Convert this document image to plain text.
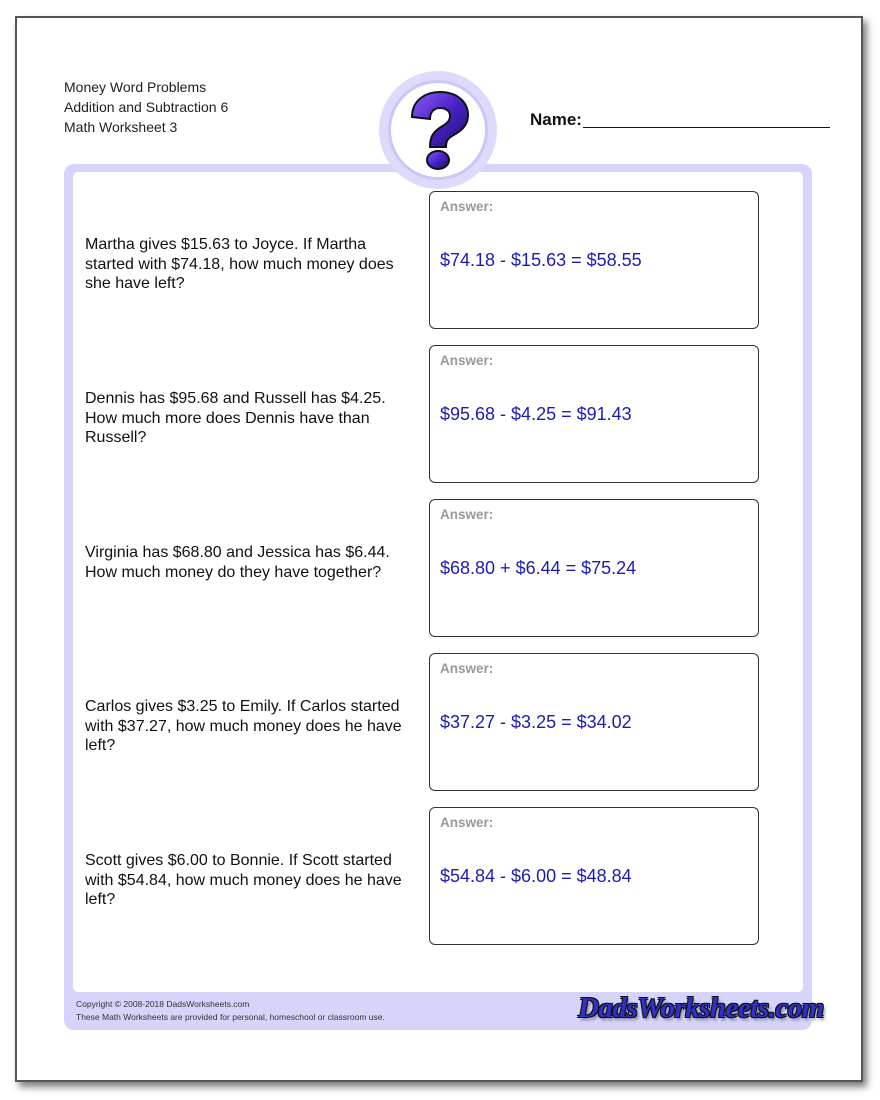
Money Word Problems
Addition and Subtraction 6
Math Worksheet 3	Name:
Martha gives $15.63 to Joyce. If Martha started with $74.18, how much money does she have left?
Answer:
$74.18 - $15.63 = $58.55
Dennis has $95.68 and Russell has $4.25. How much more does Dennis have than Russell?
Answer:
$95.68 - $4.25 = $91.43
Virginia has $68.80 and Jessica has $6.44. How much money do they have together?
Answer:
$68.80 + $6.44 = $75.24
Carlos gives $3.25 to Emily. If Carlos started with $37.27, how much money does he have left?
Answer:
$37.27 - $3.25 = $34.02
Scott gives $6.00 to Bonnie. If Scott started with $54.84, how much money does he have left?
Answer:
$54.84 - $6.00 = $48.84
Copyright © 2008-2018 DadsWorksheets.com
These Math Worksheets are provided for personal, homeschool or classroom use.	DadsWorksheets.com
